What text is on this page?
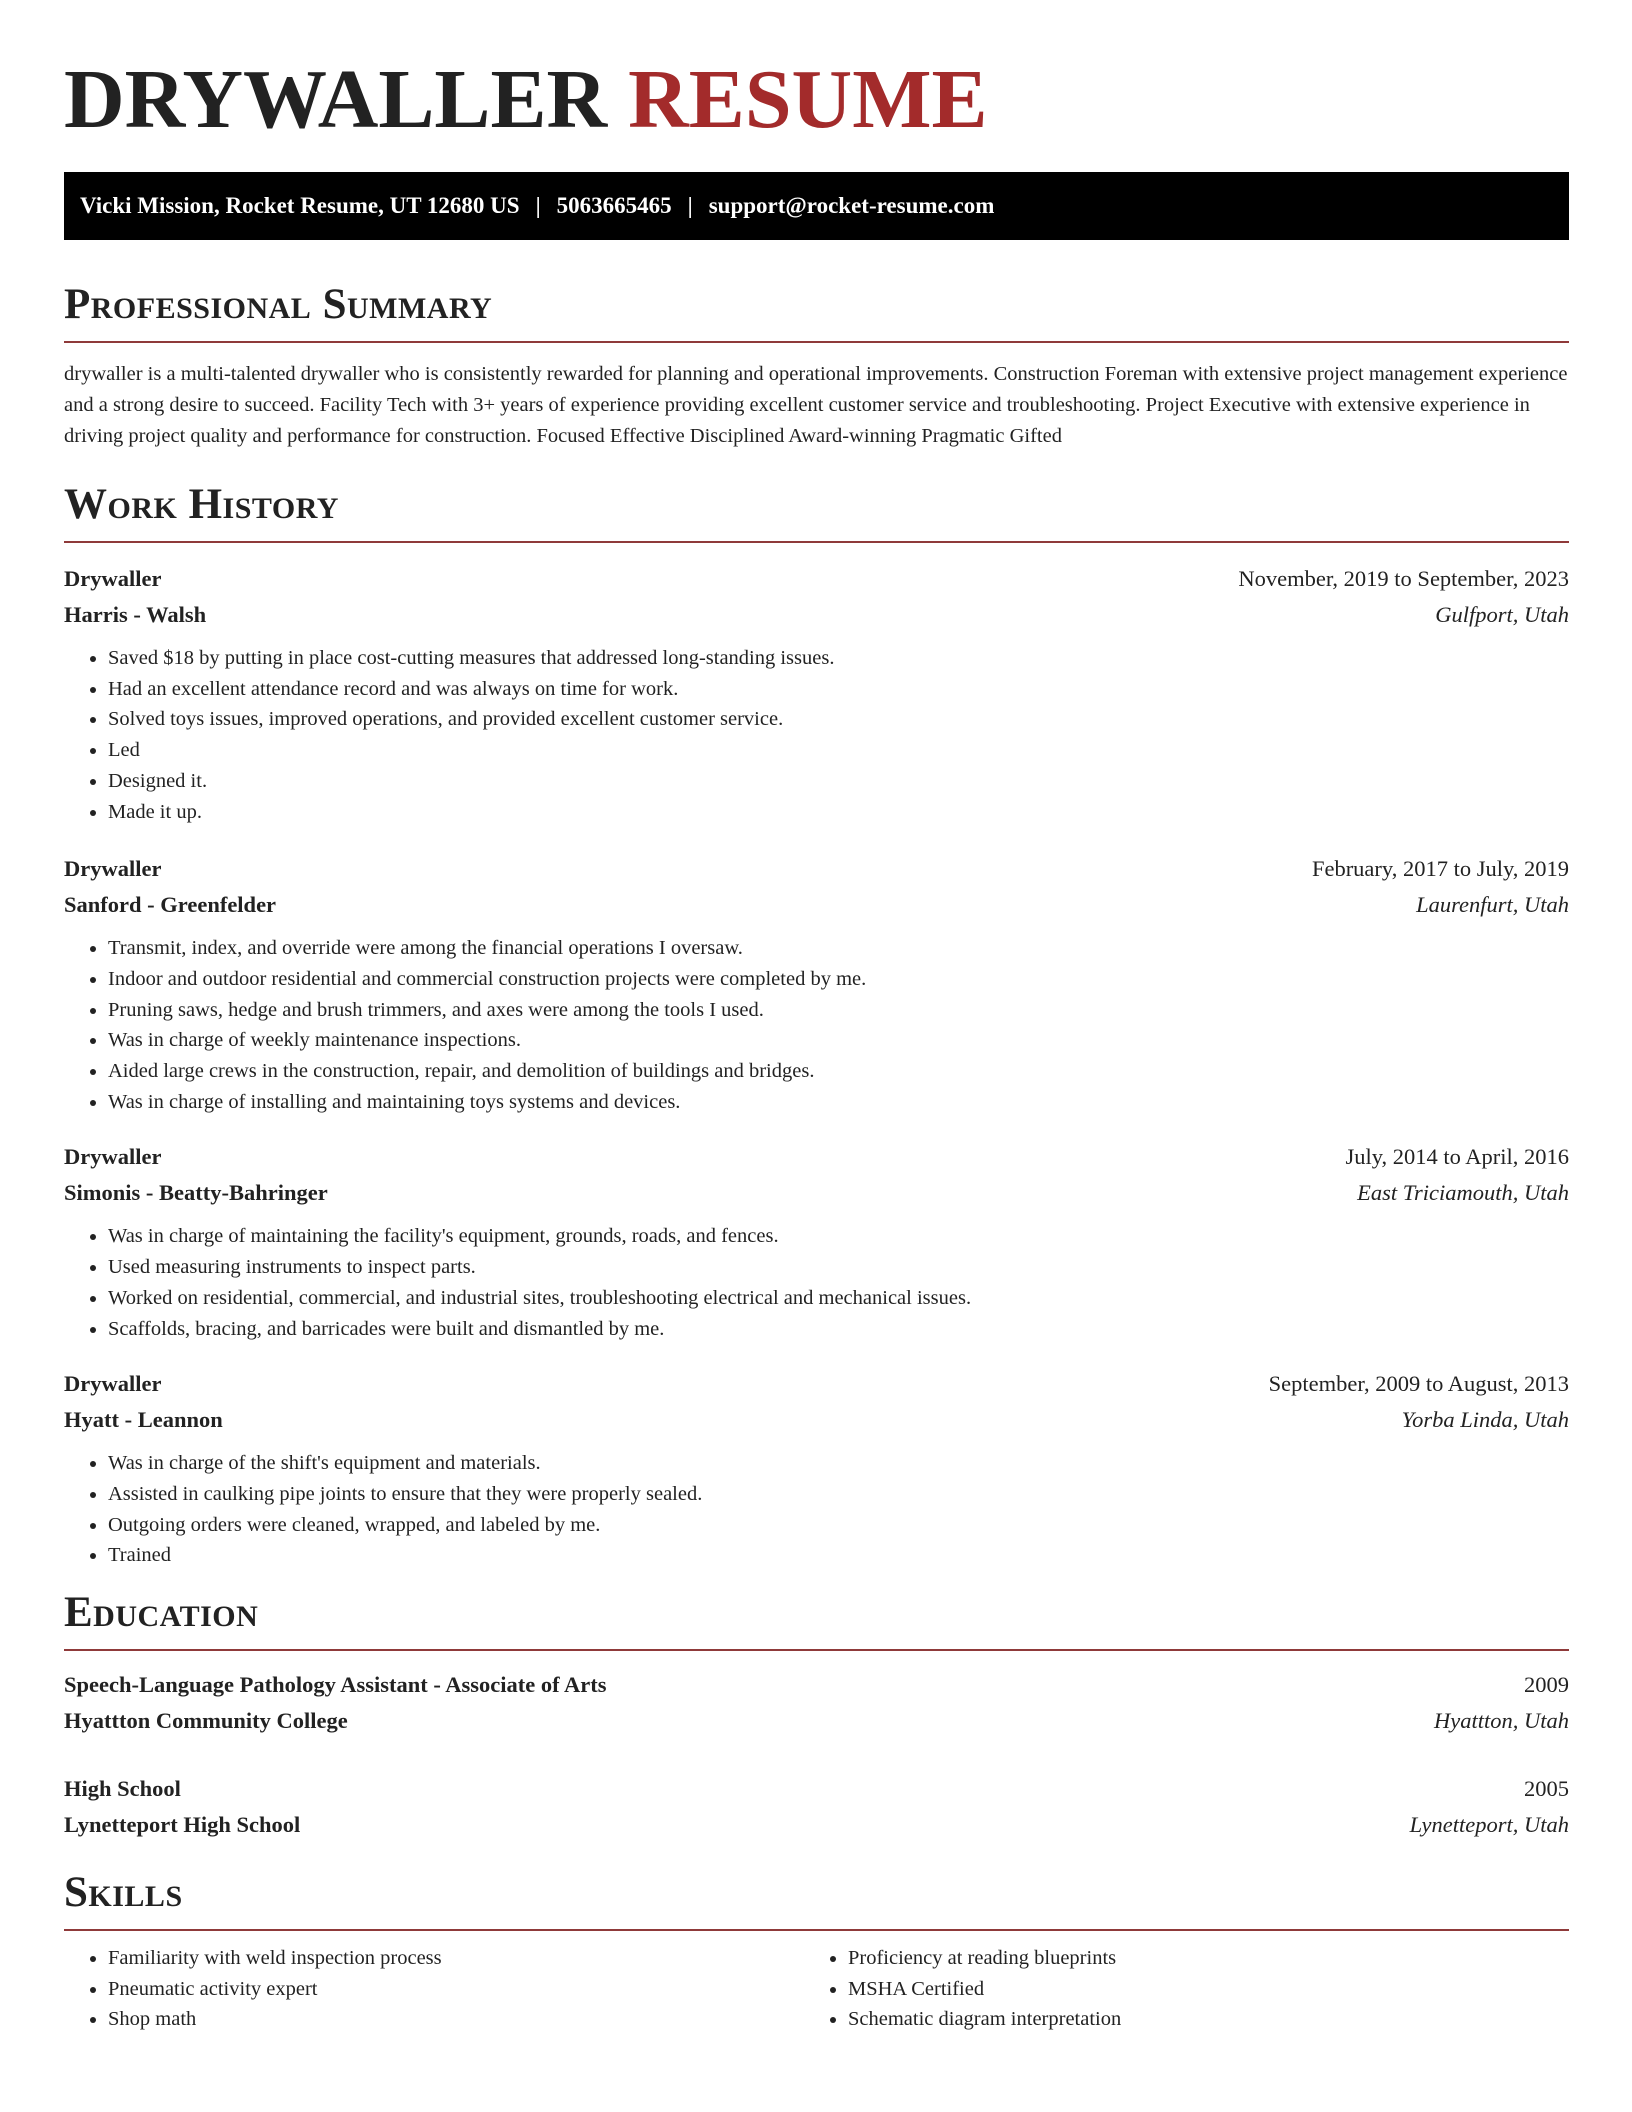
DRYWALLER RESUME
Vicki Mission, Rocket Resume, UT 12680 US | 5063665465 | support@rocket-resume.com
Professional Summary

drywaller is a multi-talented drywaller who is consistently rewarded for planning and operational improvements. Construction Foreman with extensive project management experience and a strong desire to succeed. Facility Tech with 3+ years of experience providing excellent customer service and troubleshooting. Project Executive with extensive experience in driving project quality and performance for construction. Focused Effective Disciplined Award-winning Pragmatic Gifted

Work History
Drywaller	November, 2019 to September, 2023
Harris - Walsh	Gulfport, Utah
• Saved $18 by putting in place cost-cutting measures that addressed long-standing issues.
• Had an excellent attendance record and was always on time for work.
• Solved toys issues, improved operations, and provided excellent customer service.
• Led
• Designed it.
• Made it up.
Drywaller	February, 2017 to July, 2019
Sanford - Greenfelder	Laurenfurt, Utah
• Transmit, index, and override were among the financial operations I oversaw.
• Indoor and outdoor residential and commercial construction projects were completed by me.
• Pruning saws, hedge and brush trimmers, and axes were among the tools I used.
• Was in charge of weekly maintenance inspections.
• Aided large crews in the construction, repair, and demolition of buildings and bridges.
• Was in charge of installing and maintaining toys systems and devices.
Drywaller	July, 2014 to April, 2016
Simonis - Beatty-Bahringer	East Triciamouth, Utah
• Was in charge of maintaining the facility's equipment, grounds, roads, and fences.
• Used measuring instruments to inspect parts.
• Worked on residential, commercial, and industrial sites, troubleshooting electrical and mechanical issues.
• Scaffolds, bracing, and barricades were built and dismantled by me.
Drywaller	September, 2009 to August, 2013
Hyatt - Leannon	Yorba Linda, Utah
• Was in charge of the shift's equipment and materials.
• Assisted in caulking pipe joints to ensure that they were properly sealed.
• Outgoing orders were cleaned, wrapped, and labeled by me.
• Trained
Education
Speech-Language Pathology Assistant - Associate of Arts	2009
Hyattton Community College	Hyattton, Utah
High School	2005
Lynetteport High School	Lynetteport, Utah
Skills
• Familiarity with weld inspection process
• Pneumatic activity expert
• Shop math
• Proficiency at reading blueprints
• MSHA Certified
• Schematic diagram interpretation
